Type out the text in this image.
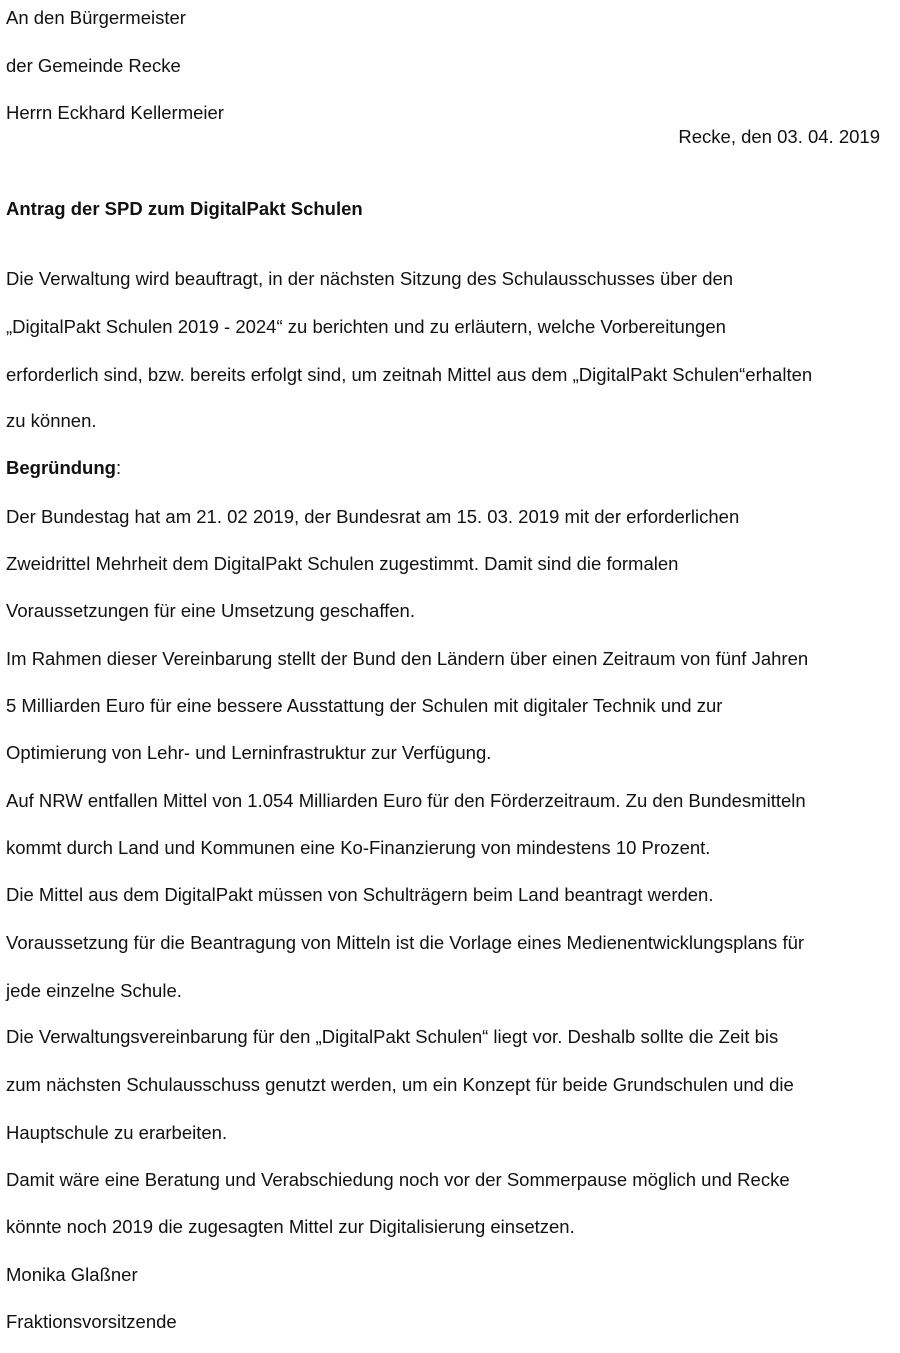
An den Bürgermeister
der Gemeinde Recke
Herrn Eckhard Kellermeier
Recke, den 03. 04. 2019
Antrag der SPD zum DigitalPakt Schulen
Die Verwaltung wird beauftragt, in der nächsten Sitzung des Schulausschusses über den
„DigitalPakt Schulen 2019 - 2024“ zu berichten und zu erläutern, welche Vorbereitungen
erforderlich sind, bzw. bereits erfolgt sind, um zeitnah Mittel aus dem „DigitalPakt Schulen“erhalten
zu können.
Begründung:
Der Bundestag hat am 21. 02 2019, der Bundesrat am 15. 03. 2019 mit der erforderlichen
Zweidrittel Mehrheit dem DigitalPakt Schulen zugestimmt. Damit sind die formalen
Voraussetzungen für eine Umsetzung geschaffen.
Im Rahmen dieser Vereinbarung stellt der Bund den Ländern über einen Zeitraum von fünf Jahren
5 Milliarden Euro für eine bessere Ausstattung der Schulen mit digitaler Technik und zur
Optimierung von Lehr- und Lerninfrastruktur zur Verfügung.
Auf NRW entfallen Mittel von 1.054 Milliarden Euro für den Förderzeitraum. Zu den Bundesmitteln
kommt durch Land und Kommunen eine Ko-Finanzierung von mindestens 10 Prozent.
Die Mittel aus dem DigitalPakt müssen von Schulträgern beim Land beantragt werden.
Voraussetzung für die Beantragung von Mitteln ist die Vorlage eines Medienentwicklungsplans für
jede einzelne Schule.
Die Verwaltungsvereinbarung für den „DigitalPakt Schulen“ liegt vor. Deshalb sollte die Zeit bis
zum nächsten Schulausschuss genutzt werden, um ein Konzept für beide Grundschulen und die
Hauptschule zu erarbeiten.
Damit wäre eine Beratung und Verabschiedung noch vor der Sommerpause möglich und Recke
könnte noch 2019 die zugesagten Mittel zur Digitalisierung einsetzen.
Monika Glaßner
Fraktionsvorsitzende
